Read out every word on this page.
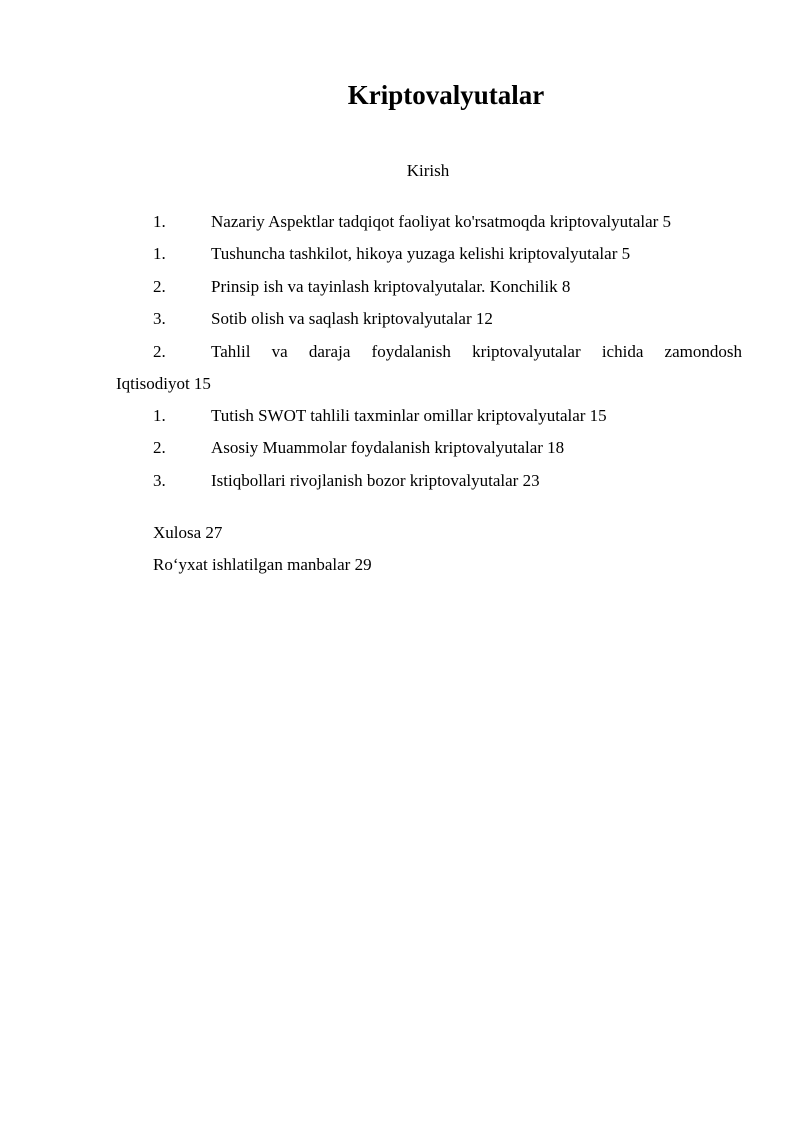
Kriptovalyutalar
Kirish
1.	Nazariy Aspektlar tadqiqot faoliyat ko'rsatmoqda kriptovalyutalar 5
1.	Tushuncha tashkilot, hikoya yuzaga kelishi kriptovalyutalar 5
2.	Prinsip ish va tayinlash kriptovalyutalar. Konchilik 8
3.	Sotib olish va saqlash kriptovalyutalar 12
2.	Tahlil va daraja foydalanish kriptovalyutalar ichida zamondosh
Iqtisodiyot 15
1.	Tutish SWOT tahlili taxminlar omillar kriptovalyutalar 15
2.	Asosiy Muammolar foydalanish kriptovalyutalar 18
3.	Istiqbollari rivojlanish bozor kriptovalyutalar 23
Xulosa 27
Ro‘yxat ishlatilgan manbalar 29
